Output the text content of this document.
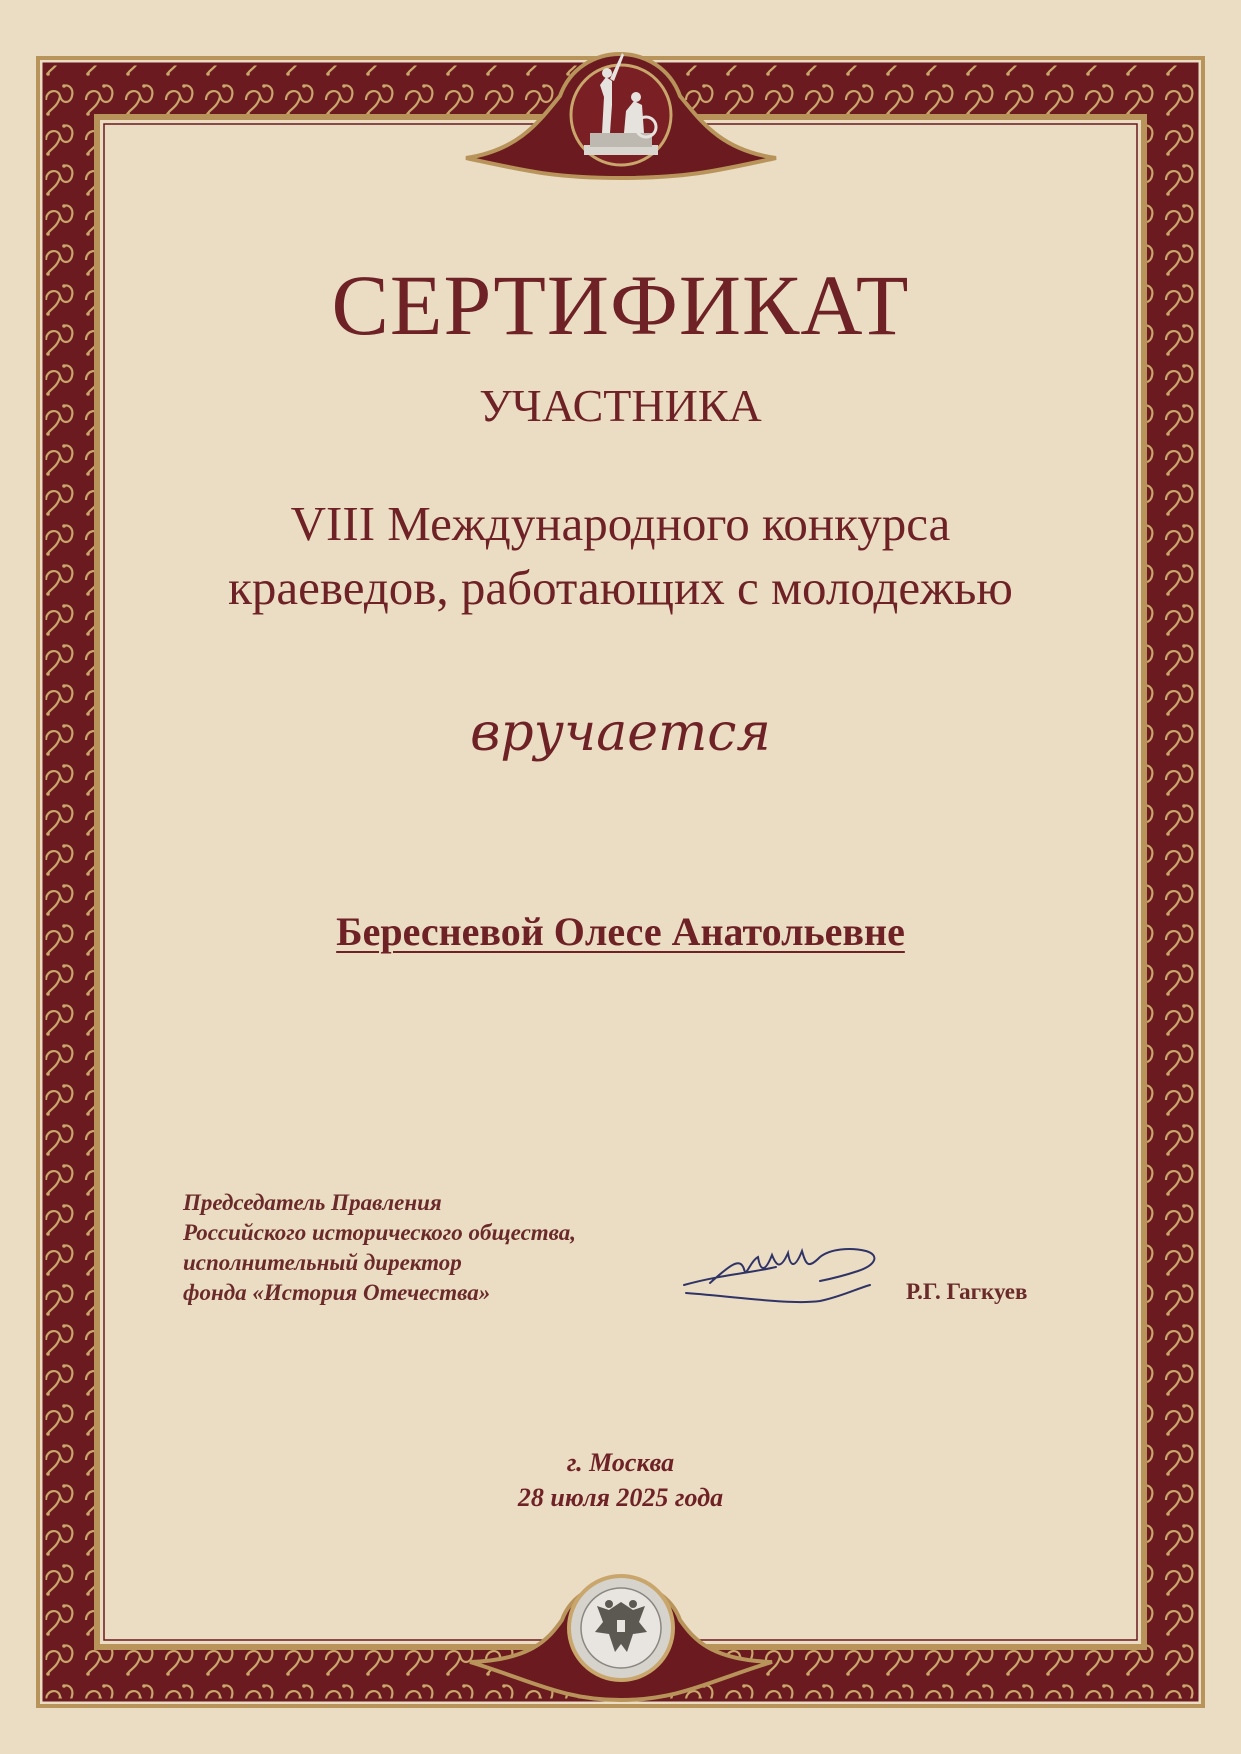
СЕРТИФИКАТ
УЧАСТНИКА
VIII Международного конкурса
краеведов, работающих с молодежью
вручается
Бересневой Олесе Анатольевне
Председатель Правления
Российского исторического общества,
исполнительный директор
фонда «История Отечества»	Р.Г. Гагкуев
г. Москва
28 июля 2025 года
